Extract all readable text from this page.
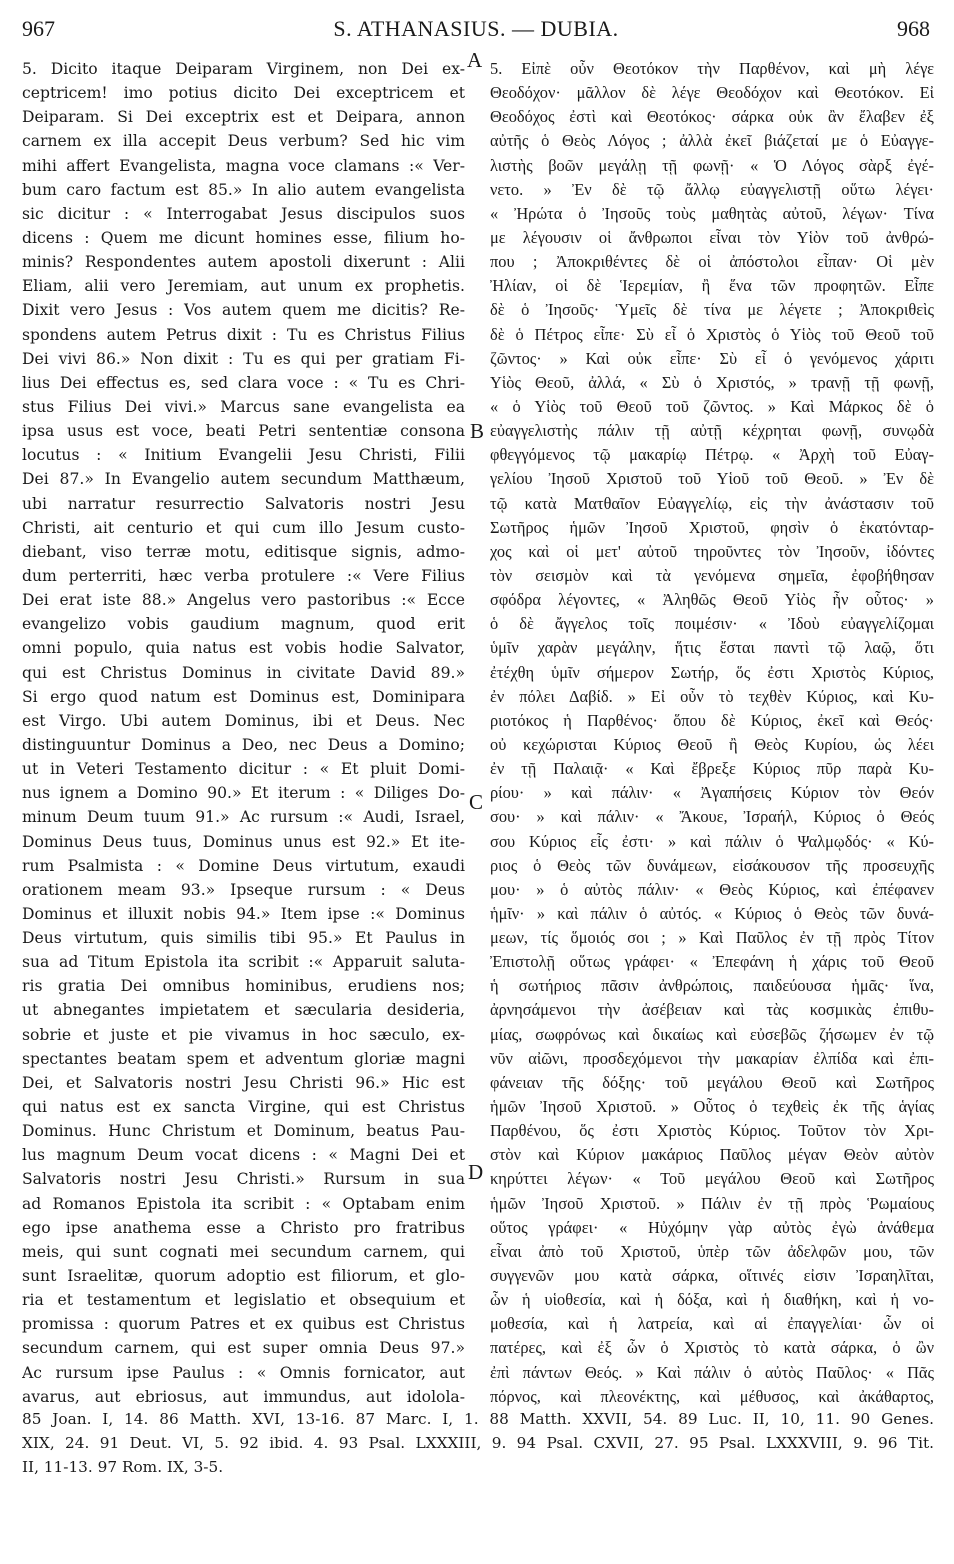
967	S. ATHANASIUS. — DUBIA.	968
5. Dicito itaque Deiparam Virginem, non Dei ex-
ceptricem! imo potius dicito Dei exceptricem et
Deiparam. Si Dei exceptrix est et Deipara, annon
carnem ex illa accepit Deus verbum? Sed hic vim
mihi affert Evangelista, magna voce clamans :« Ver-
bum caro factum est 85.» In alio autem evangelista
sic dicitur : « Interrogabat Jesus discipulos suos
dicens : Quem me dicunt homines esse, filium ho-
minis? Respondentes autem apostoli dixerunt : Alii
Eliam, alii vero Jeremiam, aut unum ex prophetis.
Dixit vero Jesus : Vos autem quem me dicitis? Re-
spondens autem Petrus dixit : Tu es Christus Filius
Dei vivi 86.» Non dixit : Tu es qui per gratiam Fi-
lius Dei effectus es, sed clara voce : « Tu es Chri-
stus Filius Dei vivi.» Marcus sane evangelista ea
ipsa usus est voce, beati Petri sententiæ consona
locutus : « Initium Evangelii Jesu Christi, Filii
Dei 87.» In Evangelio autem secundum Matthæum,
ubi narratur resurrectio Salvatoris nostri Jesu
Christi, ait centurio et qui cum illo Jesum custo-
diebant, viso terræ motu, editisque signis, admo-
dum perterriti, hæc verba protulere :« Vere Filius
Dei erat iste 88.» Angelus vero pastoribus :« Ecce
evangelizo vobis gaudium magnum, quod erit
omni populo, quia natus est vobis hodie Salvator,
qui est Christus Dominus in civitate David 89.»
Si ergo quod natum est Dominus est, Dominipara
est Virgo. Ubi autem Dominus, ibi et Deus. Nec
distinguuntur Dominus a Deo, nec Deus a Domino;
ut in Veteri Testamento dicitur : « Et pluit Domi-
nus ignem a Domino 90.» Et iterum : « Diliges Do-
minum Deum tuum 91.» Ac rursum :« Audi, Israel,
Dominus Deus tuus, Dominus unus est 92.» Et ite-
rum Psalmista : « Domine Deus virtutum, exaudi
orationem meam 93.» Ipseque rursum : « Deus
Dominus et illuxit nobis 94.» Item ipse :« Dominus
Deus virtutum, quis similis tibi 95.» Et Paulus in
sua ad Titum Epistola ita scribit :« Apparuit saluta-
ris gratia Dei omnibus hominibus, erudiens nos;
ut abnegantes impietatem et sæcularia desideria,
sobrie et juste et pie vivamus in hoc sæculo, ex-
spectantes beatam spem et adventum gloriæ magni
Dei, et Salvatoris nostri Jesu Christi 96.» Hic est
qui natus est ex sancta Virgine, qui est Christus
Dominus. Hunc Christum et Dominum, beatus Pau-
lus magnum Deum vocat dicens : « Magni Dei et
Salvatoris nostri Jesu Christi.» Rursum in sua
ad Romanos Epistola ita scribit : « Optabam enim
ego ipse anathema esse a Christo pro fratribus
meis, qui sunt cognati mei secundum carnem, qui
sunt Israelitæ, quorum adoptio est filiorum, et glo-
ria et testamentum et legislatio et obsequium et
promissa : quorum Patres et ex quibus est Christus
secundum carnem, qui est super omnia Deus 97.»
Ac rursum ipse Paulus : « Omnis fornicator, aut
avarus, aut ebriosus, aut immundus, aut idolola-
5. Εἰπὲ οὖν Θεοτόκον τὴν Παρθένον, καὶ μὴ λέγε
Θεοδόχον· μᾶλλον δὲ λέγε Θεοδόχον καὶ Θεοτόκον. Εἰ
Θεοδόχος ἐστὶ καὶ Θεοτόκος· σάρκα οὐκ ἂν ἔλαβεν ἐξ
αὐτῆς ὁ Θεὸς Λόγος ; ἀλλὰ ἐκεῖ βιάζεταί με ὁ Εὐαγγε-
λιστὴς βοῶν μεγάλῃ τῇ φωνῇ· « Ὁ Λόγος σὰρξ ἐγέ-
νετο. » Ἐν δὲ τῷ ἄλλῳ εὐαγγελιστῇ οὕτω λέγει·
« Ἠρώτα ὁ Ἰησοῦς τοὺς μαθητὰς αὐτοῦ, λέγων· Τίνα
με λέγουσιν οἱ ἄνθρωποι εἶναι τὸν Υἱὸν τοῦ ἀνθρώ-
που ; Ἀποκριθέντες δὲ οἱ ἀπόστολοι εἶπαν· Οἱ μὲν
Ἠλίαν, οἱ δὲ Ἱερεμίαν, ἢ ἕνα τῶν προφητῶν. Εἶπε
δὲ ὁ Ἰησοῦς· Ὑμεῖς δὲ τίνα με λέγετε ; Ἀποκριθεὶς
δὲ ὁ Πέτρος εἶπε· Σὺ εἶ ὁ Χριστὸς ὁ Υἱὸς τοῦ Θεοῦ τοῦ
ζῶντος· » Καὶ οὐκ εἶπε· Σὺ εἶ ὁ γενόμενος χάριτι
Υἱὸς Θεοῦ, ἀλλά, « Σὺ ὁ Χριστός, » τρανῇ τῇ φωνῇ,
« ὁ Υἱὸς τοῦ Θεοῦ τοῦ ζῶντος. » Καὶ Μάρκος δὲ ὁ
εὐαγγελιστὴς πάλιν τῇ αὐτῇ κέχρηται φωνῇ, συνῳδὰ
φθεγγόμενος τῷ μακαρίῳ Πέτρῳ. « Ἀρχὴ τοῦ Εὐαγ-
γελίου Ἰησοῦ Χριστοῦ τοῦ Υἱοῦ τοῦ Θεοῦ. » Ἐν δὲ
τῷ κατὰ Ματθαῖον Εὐαγγελίῳ, εἰς τὴν ἀνάστασιν τοῦ
Σωτῆρος ἡμῶν Ἰησοῦ Χριστοῦ, φησὶν ὁ ἑκατόνταρ-
χος καὶ οἱ μετ' αὐτοῦ τηροῦντες τὸν Ἰησοῦν, ἰδόντες
τὸν σεισμὸν καὶ τὰ γενόμενα σημεῖα, ἐφοβήθησαν
σφόδρα λέγοντες, « Ἀληθῶς Θεοῦ Υἱὸς ἦν οὗτος· »
ὁ δὲ ἄγγελος τοῖς ποιμέσιν· « Ἰδοὺ εὐαγγελίζομαι
ὑμῖν χαρὰν μεγάλην, ἥτις ἔσται παντὶ τῷ λαῷ, ὅτι
ἐτέχθη ὑμῖν σήμερον Σωτήρ, ὅς ἐστι Χριστὸς Κύριος,
ἐν πόλει Δαβίδ. » Εἰ οὖν τὸ τεχθὲν Κύριος, καὶ Κυ-
ριοτόκος ἡ Παρθένος· ὅπου δὲ Κύριος, ἐκεῖ καὶ Θεός·
οὐ κεχώρισται Κύριος Θεοῦ ἢ Θεὸς Κυρίου, ὡς λέει
ἐν τῇ Παλαιᾷ· « Καὶ ἔβρεξε Κύριος πῦρ παρὰ Κυ-
ρίου· » καὶ πάλιν· « Ἀγαπήσεις Κύριον τὸν Θεόν
σου· » καὶ πάλιν· « Ἄκουε, Ἰσραήλ, Κύριος ὁ Θεός
σου Κύριος εἷς ἐστι· » καὶ πάλιν ὁ Ψαλμῳδός· « Κύ-
ριος ὁ Θεὸς τῶν δυνάμεων, εἰσάκουσον τῆς προσευχῆς
μου· » ὁ αὐτὸς πάλιν· « Θεὸς Κύριος, καὶ ἐπέφανεν
ἡμῖν· » καὶ πάλιν ὁ αὐτός. « Κύριος ὁ Θεὸς τῶν δυνά-
μεων, τίς ὅμοιός σοι ; » Καὶ Παῦλος ἐν τῇ πρὸς Τίτον
Ἐπιστολῇ οὕτως γράφει· « Ἐπεφάνη ἡ χάρις τοῦ Θεοῦ
ἡ σωτήριος πᾶσιν ἀνθρώποις, παιδεύουσα ἡμᾶς· ἵνα,
ἀρνησάμενοι τὴν ἀσέβειαν καὶ τὰς κοσμικὰς ἐπιθυ-
μίας, σωφρόνως καὶ δικαίως καὶ εὐσεβῶς ζήσωμεν ἐν τῷ
νῦν αἰῶνι, προσδεχόμενοι τὴν μακαρίαν ἐλπίδα καὶ ἐπι-
φάνειαν τῆς δόξης· τοῦ μεγάλου Θεοῦ καὶ Σωτῆρος
ἡμῶν Ἰησοῦ Χριστοῦ. » Οὗτος ὁ τεχθεὶς ἐκ τῆς ἁγίας
Παρθένου, ὅς ἐστι Χριστὸς Κύριος. Τοῦτον τὸν Χρι-
στὸν καὶ Κύριον μακάριος Παῦλος μέγαν Θεὸν αὐτὸν
κηρύττει λέγων· « Τοῦ μεγάλου Θεοῦ καὶ Σωτῆρος
ἡμῶν Ἰησοῦ Χριστοῦ. » Πάλιν ἐν τῇ πρὸς Ῥωμαίους
οὕτος γράφει· « Ηὐχόμην γὰρ αὐτὸς ἐγὼ ἀνάθεμα
εἶναι ἀπὸ τοῦ Χριστοῦ, ὑπὲρ τῶν ἀδελφῶν μου, τῶν
συγγενῶν μου κατὰ σάρκα, οἵτινές εἰσιν Ἰσραηλῖται,
ὧν ἡ υἱοθεσία, καὶ ἡ δόξα, καὶ ἡ διαθήκη, καὶ ἡ νο-
μοθεσία, καὶ ἡ λατρεία, καὶ αἱ ἐπαγγελίαι· ὧν οἱ
πατέρες, καὶ ἐξ ὧν ὁ Χριστὸς τὸ κατὰ σάρκα, ὁ ὢν
ἐπὶ πάντων Θεός. » Καὶ πάλιν ὁ αὐτὸς Παῦλος· « Πᾶς
πόρνος, καὶ πλεονέκτης, καὶ μέθυσος, καὶ ἀκάθαρτος,
A
B
C
D
85 Joan. I, 14. 86 Matth. XVI, 13-16. 87 Marc. I, 1. 88 Matth. XXVII, 54. 89 Luc. II, 10, 11. 90 Genes.
XIX, 24. 91 Deut. VI, 5. 92 ibid. 4. 93 Psal. LXXXIII, 9. 94 Psal. CXVII, 27. 95 Psal. LXXXVIII, 9. 96 Tit.
II, 11-13. 97 Rom. IX, 3-5.
